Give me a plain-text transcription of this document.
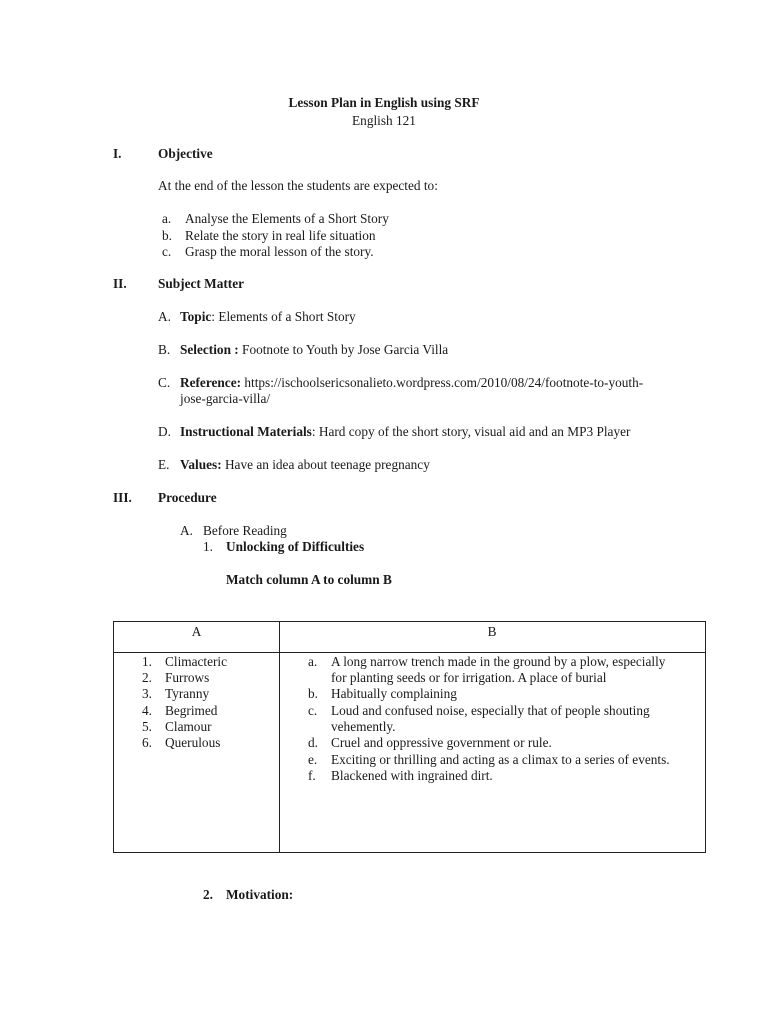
Lesson Plan in English using SRF
English 121
I.	Objective
At the end of the lesson the students are expected to:
a. Analyse the Elements of a Short Story
b. Relate the story in real life situation
c. Grasp the moral lesson of the story.
II. Subject Matter
A. Topic: Elements of a Short Story
B. Selection : Footnote to Youth by Jose Garcia Villa
C. Reference: https://ischoolsericsonalieto.wordpress.com/2010/08/24/footnote-to-youth-
jose-garcia-villa/
D. Instructional Materials: Hard copy of the short story, visual aid and an MP3 Player
E. Values: Have an idea about teenage pregnancy
III. Procedure
A. Before Reading
1. Unlocking of Difficulties
Match column A to column B
A	B
1. Climacteric
2. Furrows
3. Tyranny
4. Begrimed
5. Clamour
6. Querulous
a. A long narrow trench made in the ground by a plow, especially
for planting seeds or for irrigation. A place of burial
b. Habitually complaining
c. Loud and confused noise, especially that of people shouting
vehemently.
d. Cruel and oppressive government or rule.
e. Exciting or thrilling and acting as a climax to a series of events.
f. Blackened with ingrained dirt.
2. Motivation:
